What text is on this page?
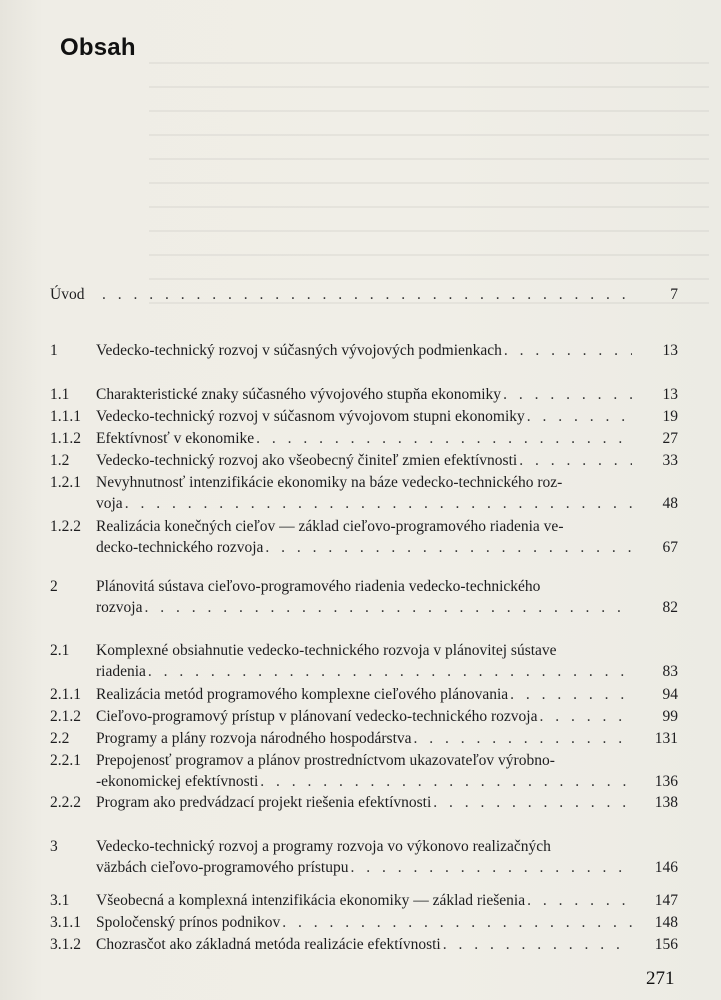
Obsah
Úvod . . .	7
1	Vedecko-technický rozvoj v súčasných vývojových podmienkach . . .	13
1.1	Charakteristické znaky súčasného vývojového stupňa ekonomiky . . .	13
1.1.1 Vedecko-technický rozvoj v súčasnom vývojovom stupni ekonomiky . . .	19
1.1.2 Efektívnosť v ekonomike . . .	27
1.2	Vedecko-technický rozvoj ako všeobecný činiteľ zmien efektívnosti . . .	33
1.2.1 Nevyhnutnosť intenzifikácie ekonomiky na báze vedecko-technického roz-
voja . . .	48
1.2.2 Realizácia konečných cieľov — základ cieľovo-programového riadenia ve-
decko-technického rozvoja . . .	67
2	Plánovitá sústava cieľovo-programového riadenia vedecko-technického
rozvoja . . .	82
2.1	Komplexné obsiahnutie vedecko-technického rozvoja v plánovitej sústave
riadenia . . .	83
2.1.1 Realizácia metód programového komplexne cieľového plánovania . . .	94
2.1.2 Cieľovo-programový prístup v plánovaní vedecko-technického rozvoja . . .	99
2.2	Programy a plány rozvoja národného hospodárstva . . .	131
2.2.1 Prepojenosť programov a plánov prostredníctvom ukazovateľov výrobno-
-ekonomickej efektívnosti . . .	136
2.2.2 Program ako predvádzací projekt riešenia efektívnosti . . .	138
3	Vedecko-technický rozvoj a programy rozvoja vo výkonovo realizačných
väzbách cieľovo-programového prístupu . . .	146
3.1	Všeobecná a komplexná intenzifikácia ekonomiky — základ riešenia . . .	147
3.1.1 Spoločenský prínos podnikov . . .	148
3.1.2 Chozrasčot ako základná metóda realizácie efektívnosti . . .	156
271
